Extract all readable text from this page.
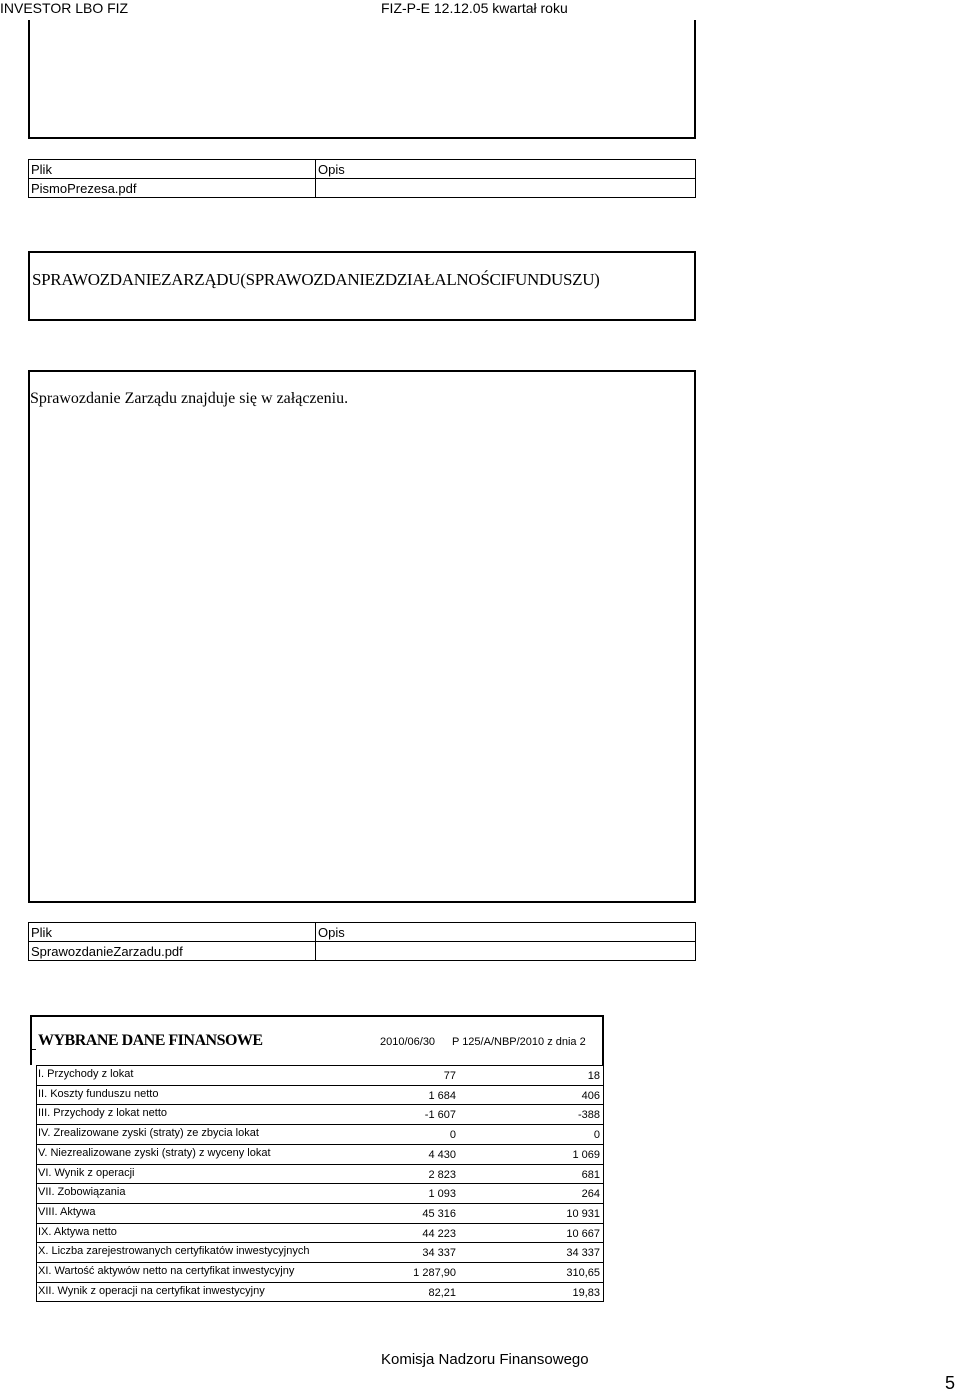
INVESTOR LBO FIZ	FIZ-P-E 12.12.05 kwartał roku
Plik	Opis
PismoPrezesa.pdf	
SPRAWOZDANIEZARZĄDU(SPRAWOZDANIEZDZIAŁALNOŚCIFUNDUSZU)
Sprawozdanie Zarządu znajduje się w załączeniu.
Plik	Opis
SprawozdanieZarzadu.pdf	
WYBRANE DANE FINANSOWE	2010/06/30 P 125/A/NBP/2010 z dnia 2
I. Przychody z lokat	77	18
II. Koszty funduszu netto	1 684	406
III. Przychody z lokat netto	-1 607	-388
IV. Zrealizowane zyski (straty) ze zbycia lokat	0	0
V. Niezrealizowane zyski (straty) z wyceny lokat	4 430	1 069
VI. Wynik z operacji	2 823	681
VII. Zobowiązania	1 093	264
VIII. Aktywa	45 316	10 931
IX. Aktywa netto	44 223	10 667
X. Liczba zarejestrowanych certyfikatów inwestycyjnych	34 337	34 337
XI. Wartość aktywów netto na certyfikat inwestycyjny	1 287,90	310,65
XII. Wynik z operacji na certyfikat inwestycyjny	82,21	19,83
Komisja Nadzoru Finansowego
5
